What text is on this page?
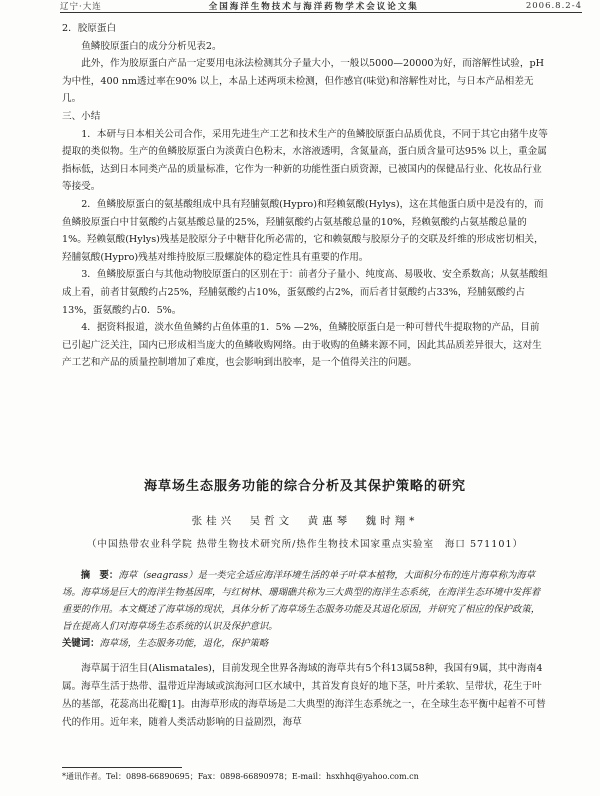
辽宁·大连	全国海洋生物技术与海洋药物学术会议论文集	2006.8.2-4

2．胶原蛋白

鱼鳞胶原蛋白的成分分析见表2。

此外，作为胶原蛋白产品一定要用电泳法检测其分子量大小，一般以5000—20000为好，而溶解性试验，pH为中性，400 nm透过率在90% 以上，本品上述两项未检测，但作感官(味觉)和溶解性对比，与日本产品相差无几。

三、小结

1．本研与日本相关公司合作，采用先进生产工艺和技术生产的鱼鳞胶原蛋白品质优良，不同于其它由猪牛皮等提取的类似物。生产的鱼鳞胶原蛋白为淡黄白色粉末，水溶液透明，含氮量高，蛋白质含量可达95% 以上，重金属指标低，达到日本同类产品的质量标准，它作为一种新的功能性蛋白质资源，已被国内的保健品行业、化妆品行业等接受。

2．鱼鳞胶原蛋白的氨基酸组成中具有羟脯氨酸(Hypro)和羟赖氨酸(Hylys)，这在其他蛋白质中是没有的，而鱼鳞胶原蛋白中甘氨酸约占氨基酸总量的25%，羟脯氨酸约占氨基酸总量的10%，羟赖氨酸约占氨基酸总量的1%。羟赖氨酸(Hylys)残基是胶原分子中糖苷化所必需的，它和赖氨酸与胶原分子的交联及纤维的形成密切相关，羟脯氨酸(Hypro)残基对维持胶原三股螺旋体的稳定性具有重要的作用。

3．鱼鳞胶原蛋白与其他动物胶原蛋白的区别在于：前者分子量小、纯度高、易吸收、安全系数高；从氨基酸组成上看，前者甘氨酸约占25%，羟脯氨酸约占10%，蛋氨酸约占2%，而后者甘氨酸约占33%，羟脯氨酸约占13%，蛋氨酸约占0．5%。

4．据资料报道，淡水鱼鱼鳞约占鱼体重的1．5% —2%，鱼鳞胶原蛋白是一种可替代牛提取物的产品，目前已引起广泛关注，国内已形成相当庞大的鱼鳞收购网络。由于收购的鱼鳞来源不同，因此其品质差异很大，这对生产工艺和产品的质量控制增加了难度，也会影响到出胶率，是一个值得关注的问题。

海草场生态服务功能的综合分析及其保护策略的研究
张桂兴　吴哲文　黄惠琴　魏时翔*
（中国热带农业科学院 热带生物技术研究所/热作生物技术国家重点实验室　海口 571101）

摘　要：海草（seagrass）是一类完全适应海洋环境生活的单子叶草本植物，大面积分布的连片海草称为海草场。海草场是巨大的海洋生物基因库，与红树林、珊瑚礁共称为三大典型的海洋生态系统，在海洋生态环境中发挥着重要的作用。本文概述了海草场的现状，具体分析了海草场生态服务功能及其退化原因，并研究了相应的保护政策，旨在提高人们对海草场生态系统的认识及保护意识。

关键词：海草场，生态服务功能，退化，保护策略

海草属于沼生目(Alismatales)，目前发现全世界各海域的海草共有5个科13属58种，我国有9属，其中海南4属。海草生活于热带、温带近岸海域或滨海河口区水域中，其首发育良好的地下茎，叶片柔软、呈带状，花生于叶丛的基部，花蕊高出花瓣[1]。由海草形成的海草场是二大典型的海洋生态系统之一，在全球生态平衡中起着不可替代的作用。近年来，随着人类活动影响的日益剧烈，海草

*通讯作者。Tel：0898-66890695；Fax：0898-66890978；E-mail：hsxhhq@yahoo.com.cn
